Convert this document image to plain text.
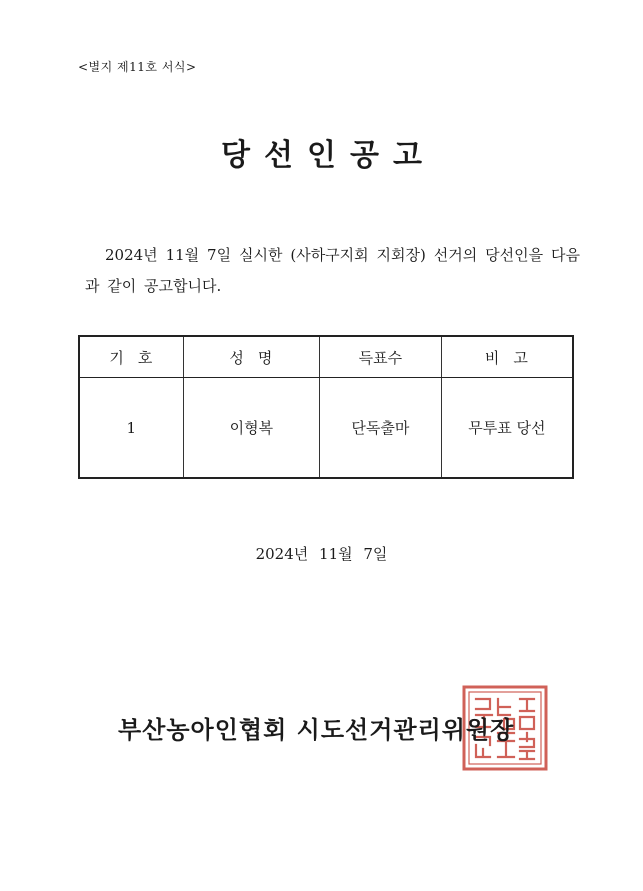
<별지 제11호 서식>
당선인공고
2024년 11월 7일 실시한 (사하구지회 지회장) 선거의 당선인을 다음과 같이 공고합니다.
기호	성명	득표수	비고
1	이형복	단독출마	무투표 당선
2024년 11월 7일
부산농아인협회 시도선거관리위원장
